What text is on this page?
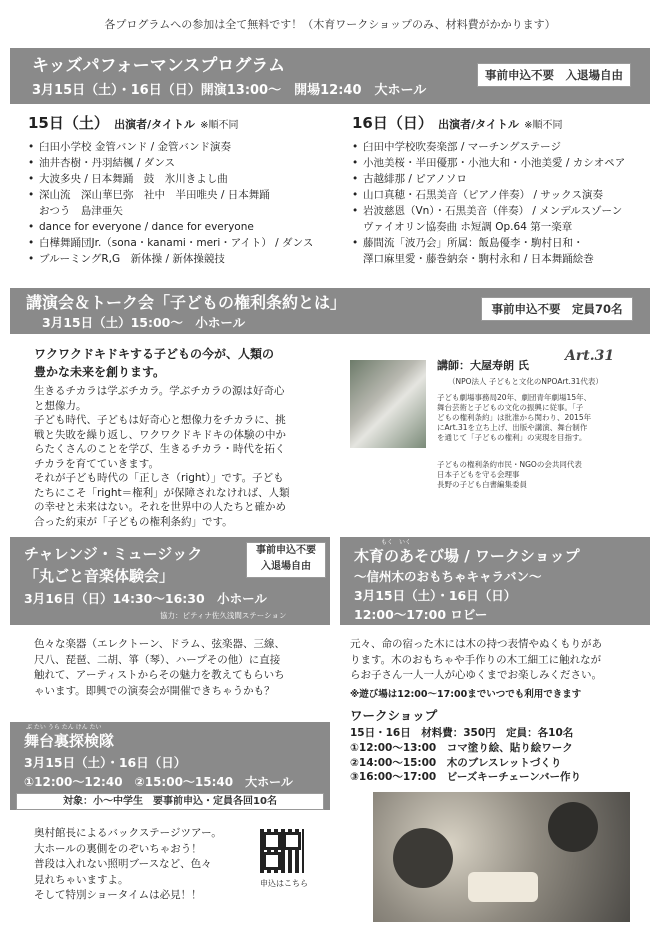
各プログラムへの参加は全て無料です！（木育ワークショップのみ、材料費がかかります）
キッズパフォーマンスプログラム
3月15日（土）・16日（日）開演13:00〜　開場12:40　大ホール
事前申込不要　入退場自由
15日（土） 出演者/タイトル ※順不同
• 臼田小学校 金管バンド / 金管バンド演奏
• 油井杏樹・丹羽結楓 / ダンス
• 大波多央 / 日本舞踊　鼓　氷川きよし曲
• 深山流　深山華巳弥　社中　半田唯央 / 日本舞踊
おつう　島津亜矢
• dance for everyone / dance for everyone
• 白樺舞踊団Jr.（sona・kanami・meri・アイト） / ダンス
• ブルーミングR,G　新体操 / 新体操競技
16日（日） 出演者/タイトル ※順不同
• 臼田中学校吹奏楽部 / マーチングステージ
• 小池美桜・半田優那・小池大和・小池美愛 / カシオペア
• 古越緋那 / ピアノソロ
• 山口真穂・石黒美音（ピアノ伴奏） / サックス演奏
• 岩波慈恩（Vn）・石黒美音（伴奏） / メンデルスゾーン
ヴァイオリン協奏曲 ホ短調 Op.64 第一楽章
• 藤間流「波乃会」所属：飯島優李・駒村日和・
澤口麻里愛・藤巻納奈・駒村永和 / 日本舞踊絵巻
講演会＆トーク会「子どもの権利条約とは」
3月15日（土）15:00〜　小ホール
事前申込不要　定員70名
ワクワクドキドキする子どもの今が、人類の
豊かな未来を創ります。
生きるチカラは学ぶチカラ。学ぶチカラの源は好奇心
と想像力。
子ども時代、子どもは好奇心と想像力をチカラに、挑
戦と失敗を繰り返し、ワクワクドキドキの体験の中か
らたくさんのことを学び、生きるチカラ・時代を拓く
チカラを育てていきます。
それが子ども時代の「正しさ（right）」です。子ども
たちにこそ「right＝権利」が保障されなければ、人類
の幸せと未来はない。それを世界中の人たちと確かめ
合った約束が「子どもの権利条約」です。
講師：大屋寿朗 氏
Art.31
（NPO法人 子どもと文化のNPOArt.31代表）
子ども劇場事務局20年、劇団青年劇場15年、
舞台芸術と子どもの文化の振興に従事。「子
どもの権利条約」は批准から関わり、2015年
にArt.31を立ち上げ、出版や講演、舞台制作
を通じて「子どもの権利」の実現を目指す。
子どもの権利条約市民・NGOの会共同代表
日本子どもを守る会理事
長野の子ども白書編集委員
チャレンジ・ミュージック
「丸ごと音楽体験会」
事前申込不要
入退場自由
3月16日（日）14:30〜16:30　小ホール
協力：ピティナ佐久浅間ステーション
色々な楽器（エレクトーン、ドラム、弦楽器、三線、
尺八、琵琶、二胡、箏（琴）、ハープその他）に直接
触れて、アーティストからその魅力を教えてもらいち
ゃいます。即興での演奏会が開催できちゃうかも？
もく　いく
木育のあそび場 / ワークショップ
〜信州木のおもちゃキャラバン〜
3月15日（土）・16日（日）
12:00〜17:00 ロビー
元々、命の宿った木には木の持つ表情やぬくもりがあ
ります。木のおもちゃや手作りの木工細工に触れなが
らお子さん一人一人が心ゆくまでお楽しみください。
※遊び場は12:00〜17:00までいつでも利用できます
ワークショップ
15日・16日　材料費：350円　定員：各10名
①12:00〜13:00　コマ塗り絵、貼り絵ワーク
②14:00〜15:00　木のブレスレットづくり
③16:00〜17:00　ビーズキーチェーンバー作り
ぶ たい うら たん けん たい
舞台裏探検隊
3月15日（土）・16日（日）
①12:00〜12:40　②15:00〜15:40　大ホール
対象：小〜中学生　要事前申込・定員各回10名
奥村館長によるバックステージツアー。
大ホールの裏側をのぞいちゃおう！
普段は入れない照明ブースなど、色々
見れちゃいますよ。
そして特別ショータイムは必見！！
申込はこちら
